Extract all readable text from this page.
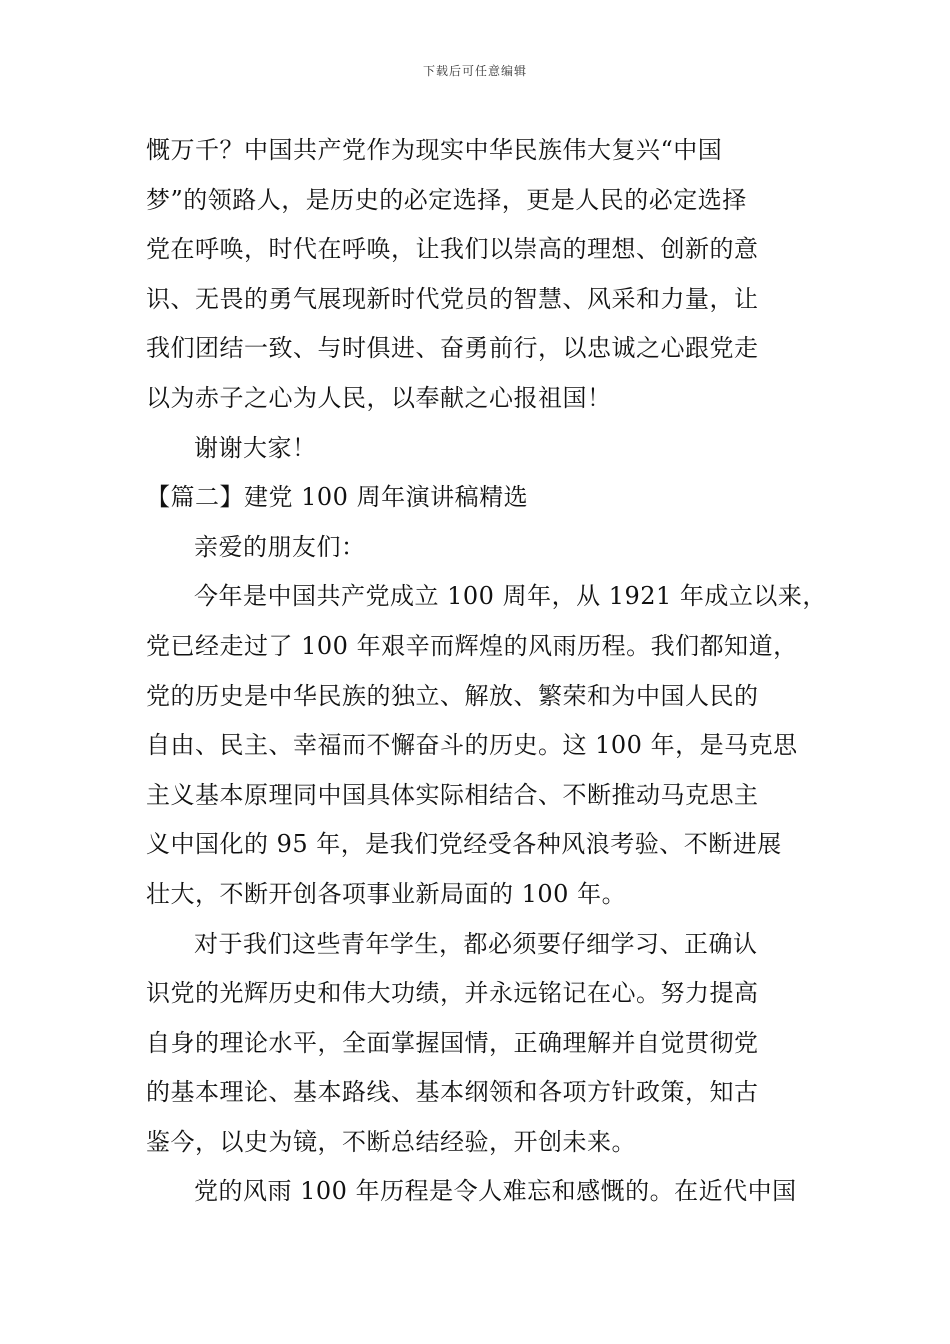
下载后可任意编辑
慨万千？中国共产党作为现实中华民族伟大复兴“中国
梦”的领路人，是历史的必定选择，更是人民的必定选择
党在呼唤，时代在呼唤，让我们以崇高的理想、创新的意
识、无畏的勇气展现新时代党员的智慧、风采和力量，让
我们团结一致、与时俱进、奋勇前行，以忠诚之心跟党走
以为赤子之心为人民，以奉献之心报祖国！
谢谢大家！
【篇二】建党 100 周年演讲稿精选
亲爱的朋友们：
今年是中国共产党成立 100 周年，从 1921 年成立以来，
党已经走过了 100 年艰辛而辉煌的风雨历程。我们都知道，
党的历史是中华民族的独立、解放、繁荣和为中国人民的
自由、民主、幸福而不懈奋斗的历史。这 100 年，是马克思
主义基本原理同中国具体实际相结合、不断推动马克思主
义中国化的 95 年，是我们党经受各种风浪考验、不断进展
壮大，不断开创各项事业新局面的 100 年。
对于我们这些青年学生，都必须要仔细学习、正确认
识党的光辉历史和伟大功绩，并永远铭记在心。努力提高
自身的理论水平，全面掌握国情，正确理解并自觉贯彻党
的基本理论、基本路线、基本纲领和各项方针政策，知古
鉴今，以史为镜，不断总结经验，开创未来。
党的风雨 100 年历程是令人难忘和感慨的。在近代中国
